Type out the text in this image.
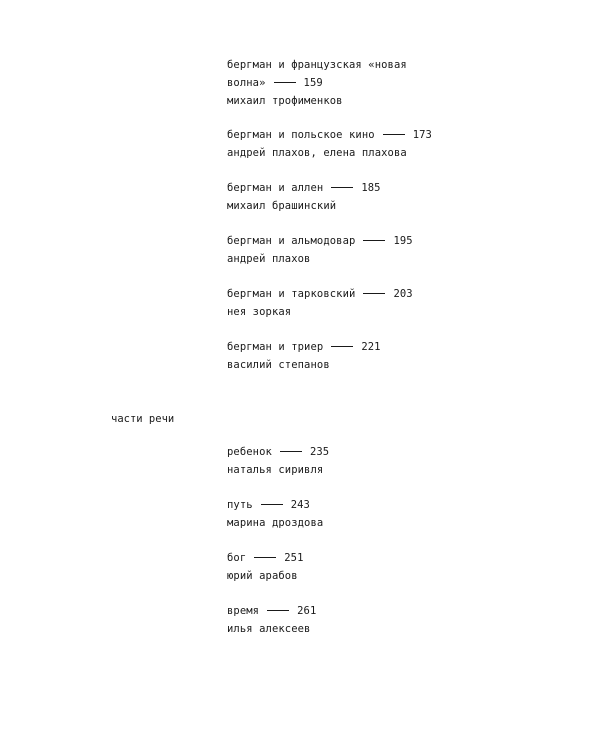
бергман и французская «новая
волна»	159
михаил трофименков
бергман и польское кино	173
андрей плахов, елена плахова
бергман и аллен	185
михаил брашинский
бергман и альмодовар	195
андрей плахов
бергман и тарковский	203
нея зоркая
бергман и триер	221
василий степанов
части речи
ребенок	235
наталья сиривля
путь	243
марина дроздова
бог	251
юрий арабов
время	261
илья алексеев
